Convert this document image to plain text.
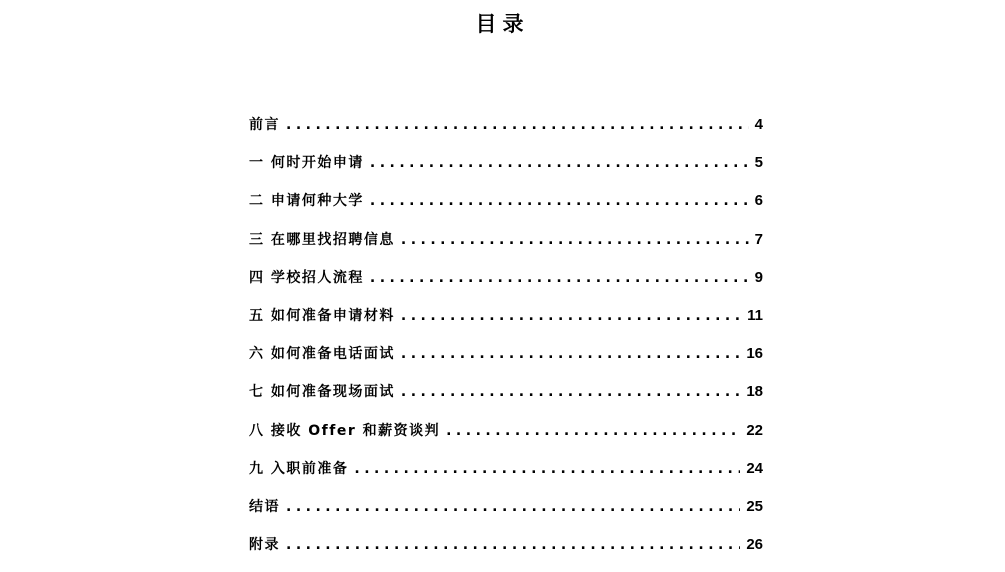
目录
前言 .....	4
一 何时开始申请 .....	5
二 申请何种大学 .....	6
三 在哪里找招聘信息 .....	7
四 学校招人流程 .....	9
五 如何准备申请材料 .....	11
六 如何准备电话面试 .....	16
七 如何准备现场面试 .....	18
八 接收 Offer 和薪资谈判 .....	22
九 入职前准备 .....	24
结语 .....	25
附录 .....	26
